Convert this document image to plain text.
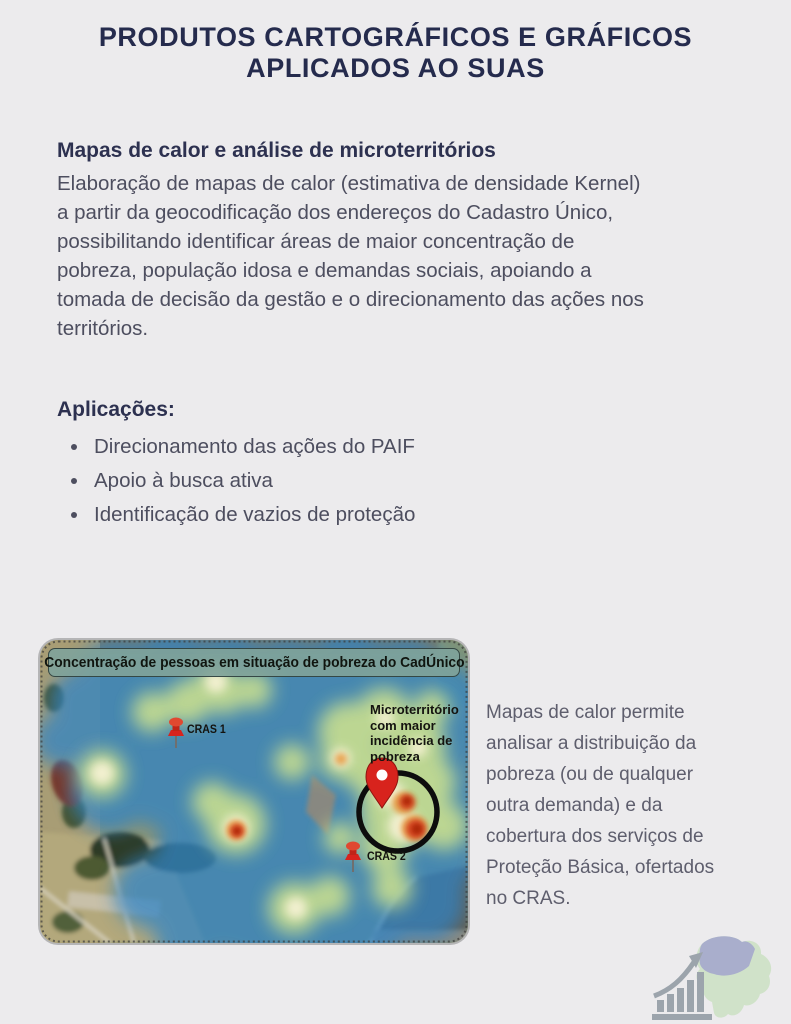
PRODUTOS CARTOGRÁFICOS E GRÁFICOS
APLICADOS AO SUAS
Mapas de calor e análise de microterritórios
Elaboração de mapas de calor (estimativa de densidade Kernel) a partir da geocodificação dos endereços do Cadastro Único, possibilitando identificar áreas de maior concentração de pobreza, população idosa e demandas sociais, apoiando a tomada de decisão da gestão e o direcionamento das ações nos territórios.
Aplicações:
• Direcionamento das ações do PAIF
• Apoio à busca ativa
• Identificação de vazios de proteção
Concentração de pessoas em situação de pobreza do CadÚnico
CRAS 1
CRAS 2
Microterritório com maior incidência de pobreza
Mapas de calor permite analisar a distribuição da pobreza (ou de qualquer outra demanda) e da cobertura dos serviços de Proteção Básica, ofertados no CRAS.
